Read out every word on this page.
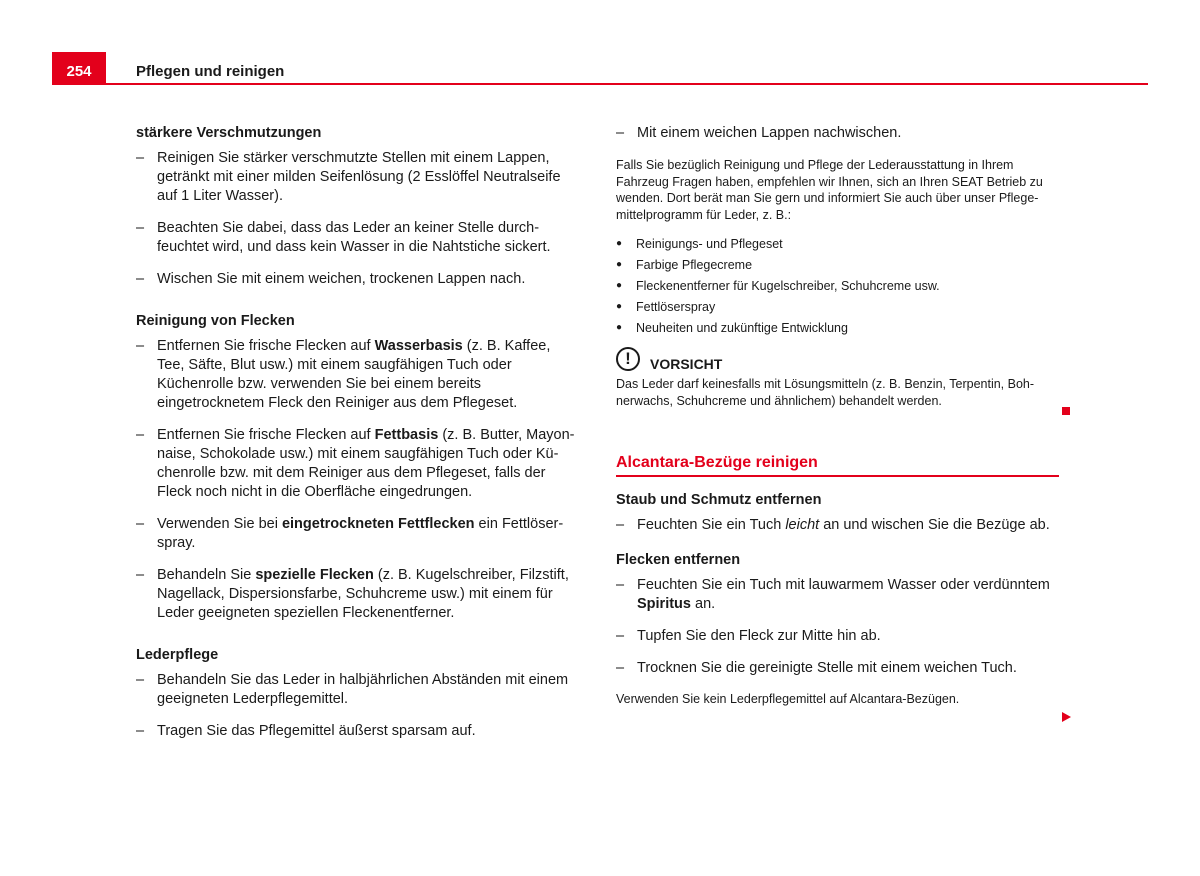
254	Pflegen und reinigen
stärkere Verschmutzungen
– Reinigen Sie stärker verschmutzte Stellen mit einem Lappen, getränkt mit einer milden Seifenlösung (2 Esslöffel Neutralseife auf 1 Liter Wasser).
– Beachten Sie dabei, dass das Leder an keiner Stelle durchfeuchtet wird, und dass kein Wasser in die Nahtstiche sickert.
– Wischen Sie mit einem weichen, trockenen Lappen nach.
Reinigung von Flecken
– Entfernen Sie frische Flecken auf Wasserbasis (z. B. Kaffee, Tee, Säfte, Blut usw.) mit einem saugfähigen Tuch oder Küchenrolle bzw. verwenden Sie bei einem bereits eingetrocknetem Fleck den Reiniger aus dem Pflegeset.
– Entfernen Sie frische Flecken auf Fettbasis (z. B. Butter, Mayonnaise, Schokolade usw.) mit einem saugfähigen Tuch oder Küchenrolle bzw. mit dem Reiniger aus dem Pflegeset, falls der Fleck noch nicht in die Oberfläche eingedrungen.
– Verwenden Sie bei eingetrockneten Fettflecken ein Fettlöserspray.
– Behandeln Sie spezielle Flecken (z. B. Kugelschreiber, Filzstift, Nagellack, Dispersionsfarbe, Schuhcreme usw.) mit einem für Leder geeigneten speziellen Fleckenentferner.
Lederpflege
– Behandeln Sie das Leder in halbjährlichen Abständen mit einem geeigneten Lederpflegemittel.
– Tragen Sie das Pflegemittel äußerst sparsam auf.
– Mit einem weichen Lappen nachwischen.
Falls Sie bezüglich Reinigung und Pflege der Lederausstattung in Ihrem Fahrzeug Fragen haben, empfehlen wir Ihnen, sich an Ihren SEAT Betrieb zu wenden. Dort berät man Sie gern und informiert Sie auch über unser Pflegemittelprogramm für Leder, z. B.:
● Reinigungs- und Pflegeset
● Farbige Pflegecreme
● Fleckenentferner für Kugelschreiber, Schuhcreme usw.
● Fettlöserspray
● Neuheiten und zukünftige Entwicklung
!	VORSICHT
Das Leder darf keinesfalls mit Lösungsmitteln (z. B. Benzin, Terpentin, Bohnerwachs, Schuhcreme und ähnlichem) behandelt werden.
Alcantara-Bezüge reinigen
Staub und Schmutz entfernen
– Feuchten Sie ein Tuch leicht an und wischen Sie die Bezüge ab.
Flecken entfernen
– Feuchten Sie ein Tuch mit lauwarmem Wasser oder verdünntem Spiritus an.
– Tupfen Sie den Fleck zur Mitte hin ab.
– Trocknen Sie die gereinigte Stelle mit einem weichen Tuch.
Verwenden Sie kein Lederpflegemittel auf Alcantara-Bezügen.
